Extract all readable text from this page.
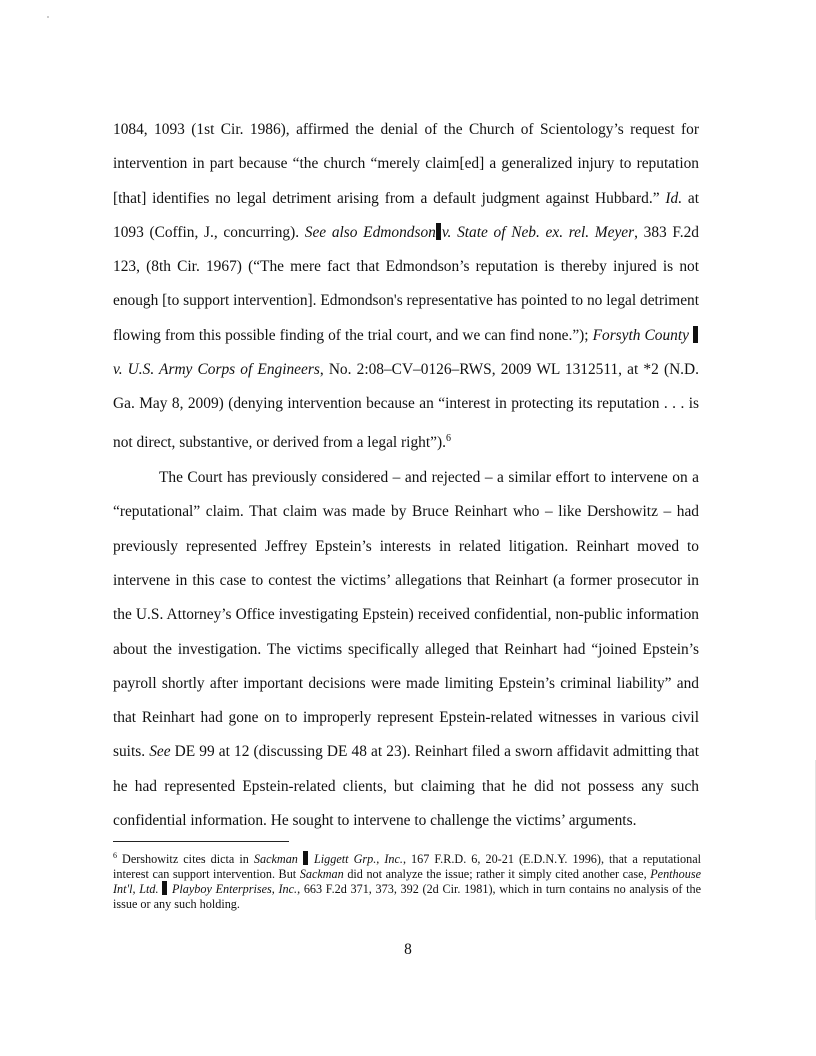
1084, 1093 (1st Cir. 1986), affirmed the denial of the Church of Scientology’s request for intervention in part because “the church “merely claim[ed] a generalized injury to reputation [that] identifies no legal detriment arising from a default judgment against Hubbard.” Id. at 1093 (Coffin, J., concurring). See also Edmondson v. State of Neb. ex. rel. Meyer, 383 F.2d 123, (8th Cir. 1967) (“The mere fact that Edmondson’s reputation is thereby injured is not enough [to support intervention]. Edmondson's representative has pointed to no legal detriment flowing from this possible finding of the trial court, and we can find none.”); Forsyth County v. U.S. Army Corps of Engineers, No. 2:08–CV–0126–RWS, 2009 WL 1312511, at *2 (N.D. Ga. May 8, 2009) (denying intervention because an “interest in protecting its reputation . . . is not direct, substantive, or derived from a legal right”).$^6$

The Court has previously considered – and rejected – a similar effort to intervene on a “reputational” claim. That claim was made by Bruce Reinhart who – like Dershowitz – had previously represented Jeffrey Epstein’s interests in related litigation. Reinhart moved to intervene in this case to contest the victims’ allegations that Reinhart (a former prosecutor in the U.S. Attorney’s Office investigating Epstein) received confidential, non-public information about the investigation. The victims specifically alleged that Reinhart had “joined Epstein’s payroll shortly after important decisions were made limiting Epstein’s criminal liability” and that Reinhart had gone on to improperly represent Epstein-related witnesses in various civil suits. See DE 99 at 12 (discussing DE 48 at 23). Reinhart filed a sworn affidavit admitting that he had represented Epstein-related clients, but claiming that he did not possess any such confidential information. He sought to intervene to challenge the victims’ arguments.

$^6$ Dershowitz cites dicta in Sackman Liggett Grp., Inc., 167 F.R.D. 6, 20-21 (E.D.N.Y. 1996), that a reputational interest can support intervention. But Sackman did not analyze the issue; rather it simply cited another case, Penthouse Int'l, Ltd. Playboy Enterprises, Inc., 663 F.2d 371, 373, 392 (2d Cir. 1981), which in turn contains no analysis of the issue or any such holding.

8
